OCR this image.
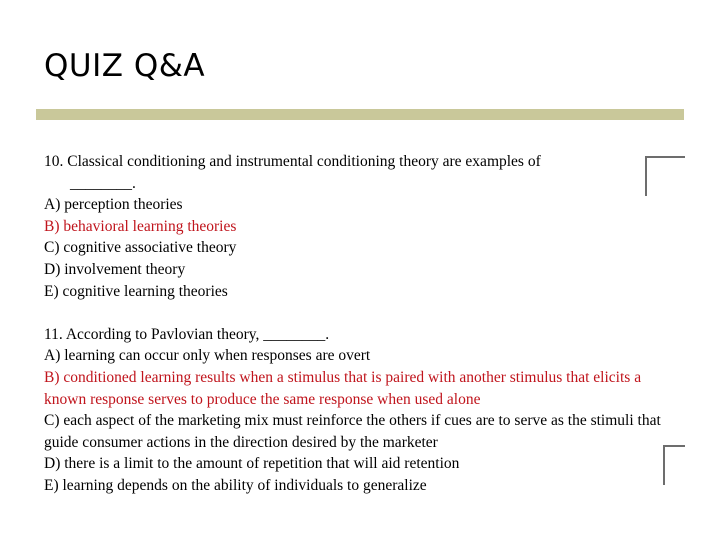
QUIZ Q&A
10. Classical conditioning and instrumental conditioning theory are examples of
________.
A) perception theories
B) behavioral learning theories
C) cognitive associative theory
D) involvement theory
E) cognitive learning theories
11. According to Pavlovian theory, ________.
A) learning can occur only when responses are overt
B) conditioned learning results when a stimulus that is paired with another stimulus that elicits a known response serves to produce the same response when used alone
C) each aspect of the marketing mix must reinforce the others if cues are to serve as the stimuli that guide consumer actions in the direction desired by the marketer
D) there is a limit to the amount of repetition that will aid retention
E) learning depends on the ability of individuals to generalize
